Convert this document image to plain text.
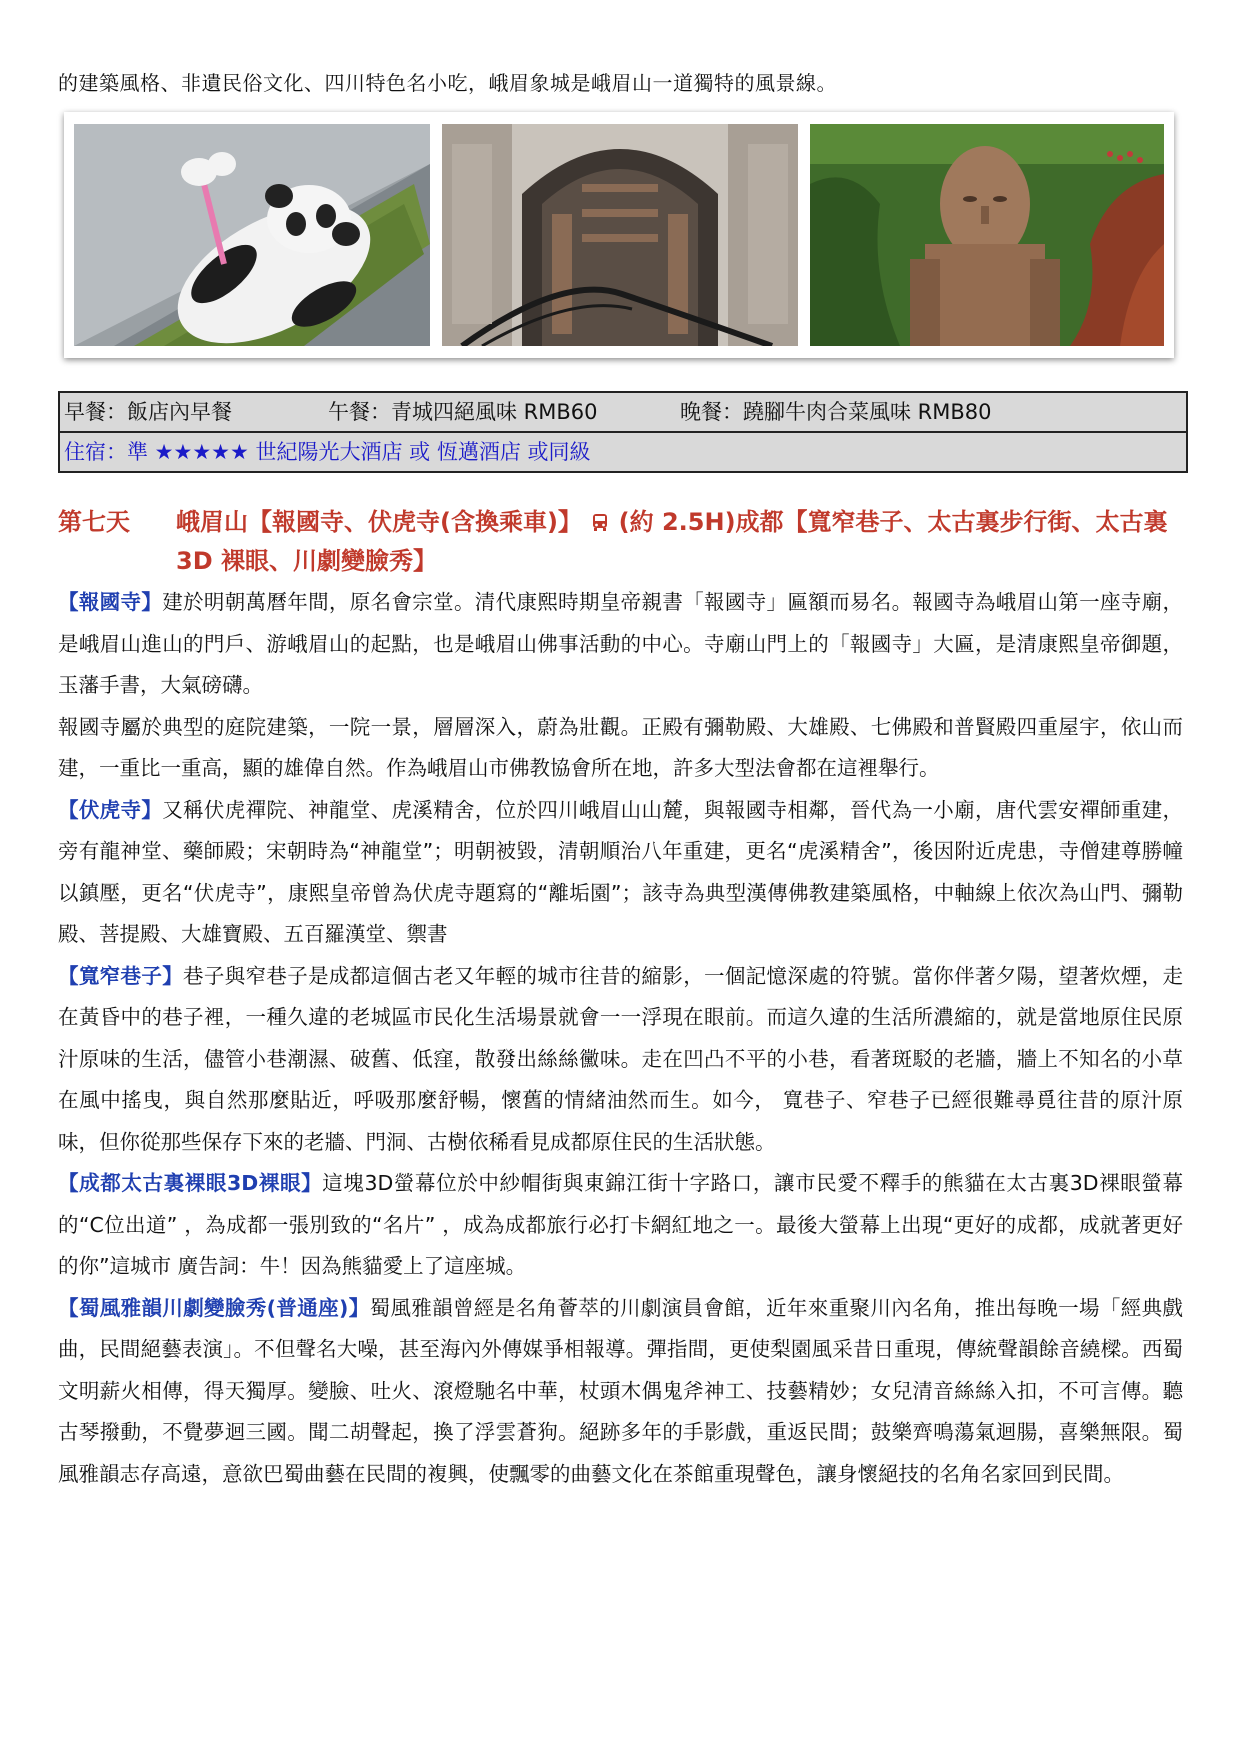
的建築風格、非遺民俗文化、四川特色名小吃，峨眉象城是峨眉山一道獨特的風景線。
早餐：飯店內早餐	午餐：青城四絕風味 RMB60	晚餐：蹺腳牛肉合菜風味 RMB80
住宿：準 ★★★★★ 世紀陽光大酒店 或 恆邁酒店 或同級
第七天 峨眉山【報國寺、伏虎寺(含換乘車)】 (約 2.5H)成都【寬窄巷子、太古裏步行街、太古裏 3D 裸眼、川劇變臉秀】

【報國寺】建於明朝萬曆年間，原名會宗堂。清代康熙時期皇帝親書「報國寺」匾額而易名。報國寺為峨眉山第一座寺廟，是峨眉山進山的門戶、游峨眉山的起點，也是峨眉山佛事活動的中心。寺廟山門上的「報國寺」大匾，是清康熙皇帝御題，玉藩手書，大氣磅礴。

報國寺屬於典型的庭院建築，一院一景，層層深入，蔚為壯觀。正殿有彌勒殿、大雄殿、七佛殿和普賢殿四重屋宇，依山而建，一重比一重高，顯的雄偉自然。作為峨眉山市佛教協會所在地，許多大型法會都在這裡舉行。

【伏虎寺】又稱伏虎禪院、神龍堂、虎溪精舍，位於四川峨眉山山麓，與報國寺相鄰，晉代為一小廟，唐代雲安禪師重建，旁有龍神堂、藥師殿；宋朝時為“神龍堂”；明朝被毀，清朝順治八年重建，更名“虎溪精舍”，後因附近虎患，寺僧建尊勝幢以鎮壓，更名“伏虎寺”，康熙皇帝曾為伏虎寺題寫的“離垢園”；該寺為典型漢傳佛教建築風格，中軸線上依次為山門、彌勒殿、菩提殿、大雄寶殿、五百羅漢堂、禦書

【寬窄巷子】巷子與窄巷子是成都這個古老又年輕的城市往昔的縮影，一個記憶深處的符號。當你伴著夕陽，望著炊煙，走在黃昏中的巷子裡，一種久違的老城區市民化生活場景就會一一浮現在眼前。而這久違的生活所濃縮的，就是當地原住民原汁原味的生活，儘管小巷潮濕、破舊、低窪，散發出絲絲黴味。走在凹凸不平的小巷，看著斑駁的老牆，牆上不知名的小草在風中搖曳，與自然那麼貼近，呼吸那麼舒暢，懷舊的情緒油然而生。如今， 寬巷子、窄巷子已經很難尋覓往昔的原汁原味，但你從那些保存下來的老牆、門洞、古樹依稀看見成都原住民的生活狀態。

【成都太古裏裸眼3D裸眼】這塊3D螢幕位於中紗帽街與東錦江街十字路口，讓市民愛不釋手的熊貓在太古裏3D裸眼螢幕的“C位出道” ，為成都一張別致的“名片” ，成為成都旅行必打卡網紅地之一。最後大螢幕上出現“更好的成都，成就著更好的你”這城市 廣告詞：牛！因為熊貓愛上了這座城。

【蜀風雅韻川劇變臉秀(普通座)】蜀風雅韻曾經是名角薈萃的川劇演員會館，近年來重聚川內名角，推出每晚一場「經典戲曲，民間絕藝表演」。不但聲名大噪，甚至海內外傳媒爭相報導。彈指間，更使梨園風采昔日重現，傳統聲韻餘音繞樑。西蜀文明薪火相傳，得天獨厚。變臉、吐火、滾燈馳名中華，杖頭木偶鬼斧神工、技藝精妙；女兒清音絲絲入扣，不可言傳。聽古琴撥動，不覺夢迴三國。聞二胡聲起，換了浮雲蒼狗。絕跡多年的手影戲，重返民間；鼓樂齊鳴蕩氣迴腸，喜樂無限。蜀風雅韻志存高遠，意欲巴蜀曲藝在民間的複興，使飄零的曲藝文化在茶館重現聲色，讓身懷絕技的名角名家回到民間。
